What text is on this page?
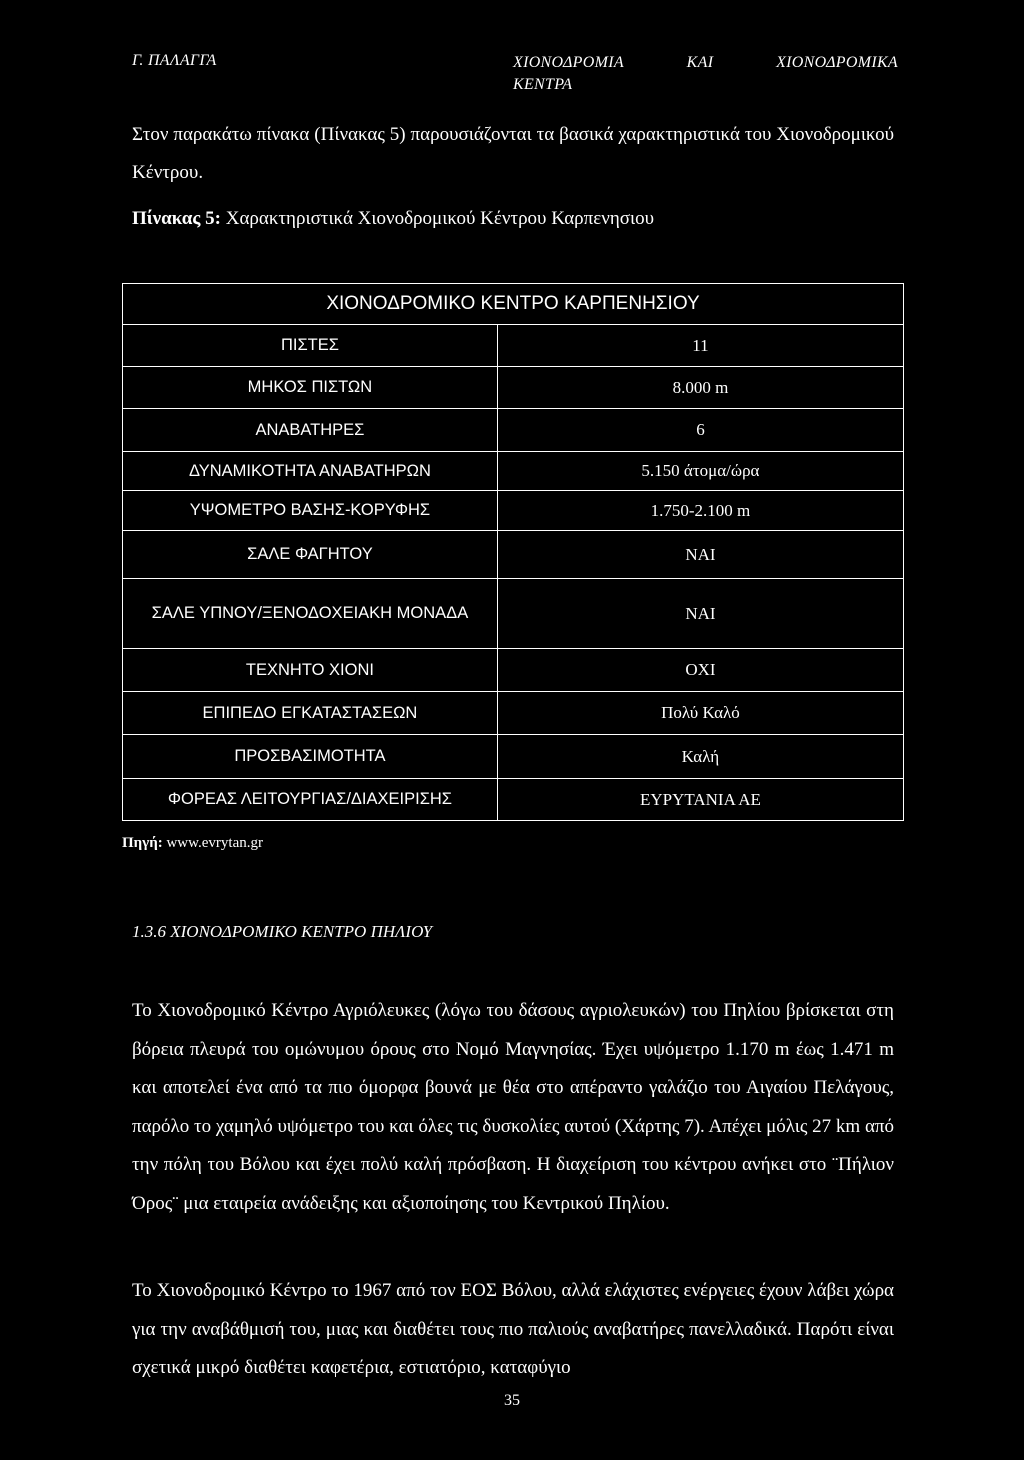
Γ. ΠΑΛΑΓΓΑ	ΧΙΟΝΟΔΡΟΜΙΑ	ΚΑΙ	ΧΙΟΝΟΔΡΟΜΙΚΑ
ΚΕΝΤΡΑ
Στον παρακάτω πίνακα (Πίνακας 5) παρουσιάζονται τα βασικά χαρακτηριστικά του Χιονοδρομικού Κέντρου.
Πίνακας 5: Χαρακτηριστικά Χιονοδρομικού Κέντρου Καρπενησιου
ΧΙΟΝΟΔΡΟΜΙΚΟ ΚΕΝΤΡΟ ΚΑΡΠΕΝΗΣΙΟΥ	
ΠΙΣΤΕΣ	11
ΜΗΚΟΣ ΠΙΣΤΩΝ	8.000 m
ΑΝΑΒΑΤΗΡΕΣ	6
ΔΥΝΑΜΙΚΟΤΗΤΑ ΑΝΑΒΑΤΗΡΩΝ	5.150 άτομα/ώρα
ΥΨΟΜΕΤΡΟ ΒΑΣΗΣ-ΚΟΡΥΦΗΣ	1.750-2.100 m
ΣΑΛΕ ΦΑΓΗΤΟΥ	ΝΑΙ
ΣΑΛΕ ΥΠΝΟΥ/ΞΕΝΟΔΟΧΕΙΑΚΗ ΜΟΝΑΔΑ	ΝΑΙ
ΤΕΧΝΗΤΟ ΧΙΟΝΙ	ΟΧΙ
ΕΠΙΠΕΔΟ ΕΓΚΑΤΑΣΤΑΣΕΩΝ	Πολύ Καλό
ΠΡΟΣΒΑΣΙΜΟΤΗΤΑ	Καλή
ΦΟΡΕΑΣ ΛΕΙΤΟΥΡΓΙΑΣ/ΔΙΑΧΕΙΡΙΣΗΣ	ΕΥΡΥΤΑΝΙΑ ΑΕ
Πηγή: www.evrytan.gr
1.3.6 ΧΙΟΝΟΔΡΟΜΙΚΟ ΚΕΝΤΡΟ ΠΗΛΙΟΥ
Το Χιονοδρομικό Κέντρο Αγριόλευκες (λόγω του δάσους αγριολευκών) του Πηλίου βρίσκεται στη βόρεια πλευρά του ομώνυμου όρους στο Νομό Μαγνησίας. Έχει υψόμετρο 1.170 m έως 1.471 m και αποτελεί ένα από τα πιο όμορφα βουνά με θέα στο απέραντο γαλάζιο του Αιγαίου Πελάγους, παρόλο το χαμηλό υψόμετρο του και όλες τις δυσκολίες αυτού (Χάρτης 7). Απέχει μόλις 27 km από την πόλη του Βόλου και έχει πολύ καλή πρόσβαση. Η διαχείριση του κέντρου ανήκει στο ¨Πήλιον Όρος¨ μια εταιρεία ανάδειξης και αξιοποίησης του Κεντρικού Πηλίου.
Το Χιονοδρομικό Κέντρο το 1967 από τον ΕΟΣ Βόλου, αλλά ελάχιστες ενέργειες έχουν λάβει χώρα για την αναβάθμισή του, μιας και διαθέτει τους πιο παλιούς αναβατήρες πανελλαδικά. Παρότι είναι σχετικά μικρό διαθέτει καφετέρια, εστιατόριο, καταφύγιο
35
